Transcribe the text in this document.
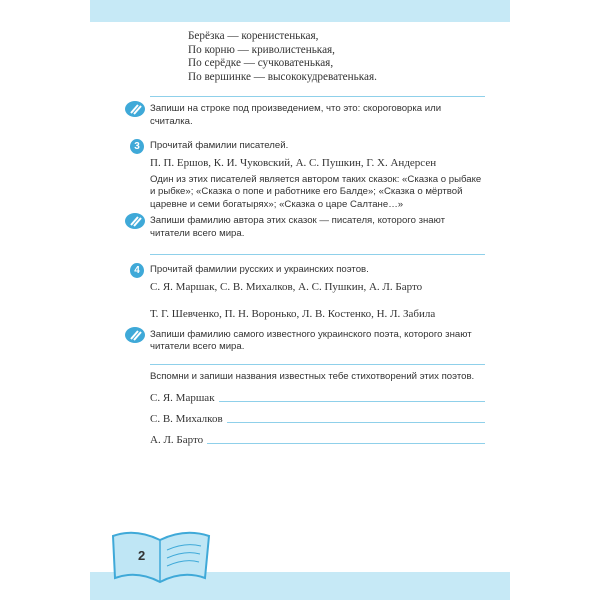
Берёзка — коренистенькая,
По корню — криволистенькая,
По серёдке — сучковатенькая,
По вершинке — высококудреватенькая.
Запиши на строке под произведением, что это: скороговорка или считалка.
3	Прочитай фамилии писателей.
П. П. Ершов, К. И. Чуковский, А. С. Пушкин, Г. Х. Андерсен
Один из этих писателей является автором таких сказок: «Сказка о рыбаке и рыбке»; «Сказка о попе и работнике его Балде»; «Сказка о мёртвой царевне и семи богатырях»; «Сказка о царе Салтане…»
Запиши фамилию автора этих сказок — писателя, которого знают читатели всего мира.
4	Прочитай фамилии русских и украинских поэтов.
С. Я. Маршак, С. В. Михалков, А. С. Пушкин, А. Л. Барто
Т. Г. Шевченко, П. Н. Воронько, Л. В. Костенко, Н. Л. Забила
Запиши фамилию самого известного украинского поэта, которого знают читатели всего мира.
Вспомни и запиши названия известных тебе стихотворений этих поэтов.
С. Я. Маршак
С. В. Михалков
А. Л. Барто
2
